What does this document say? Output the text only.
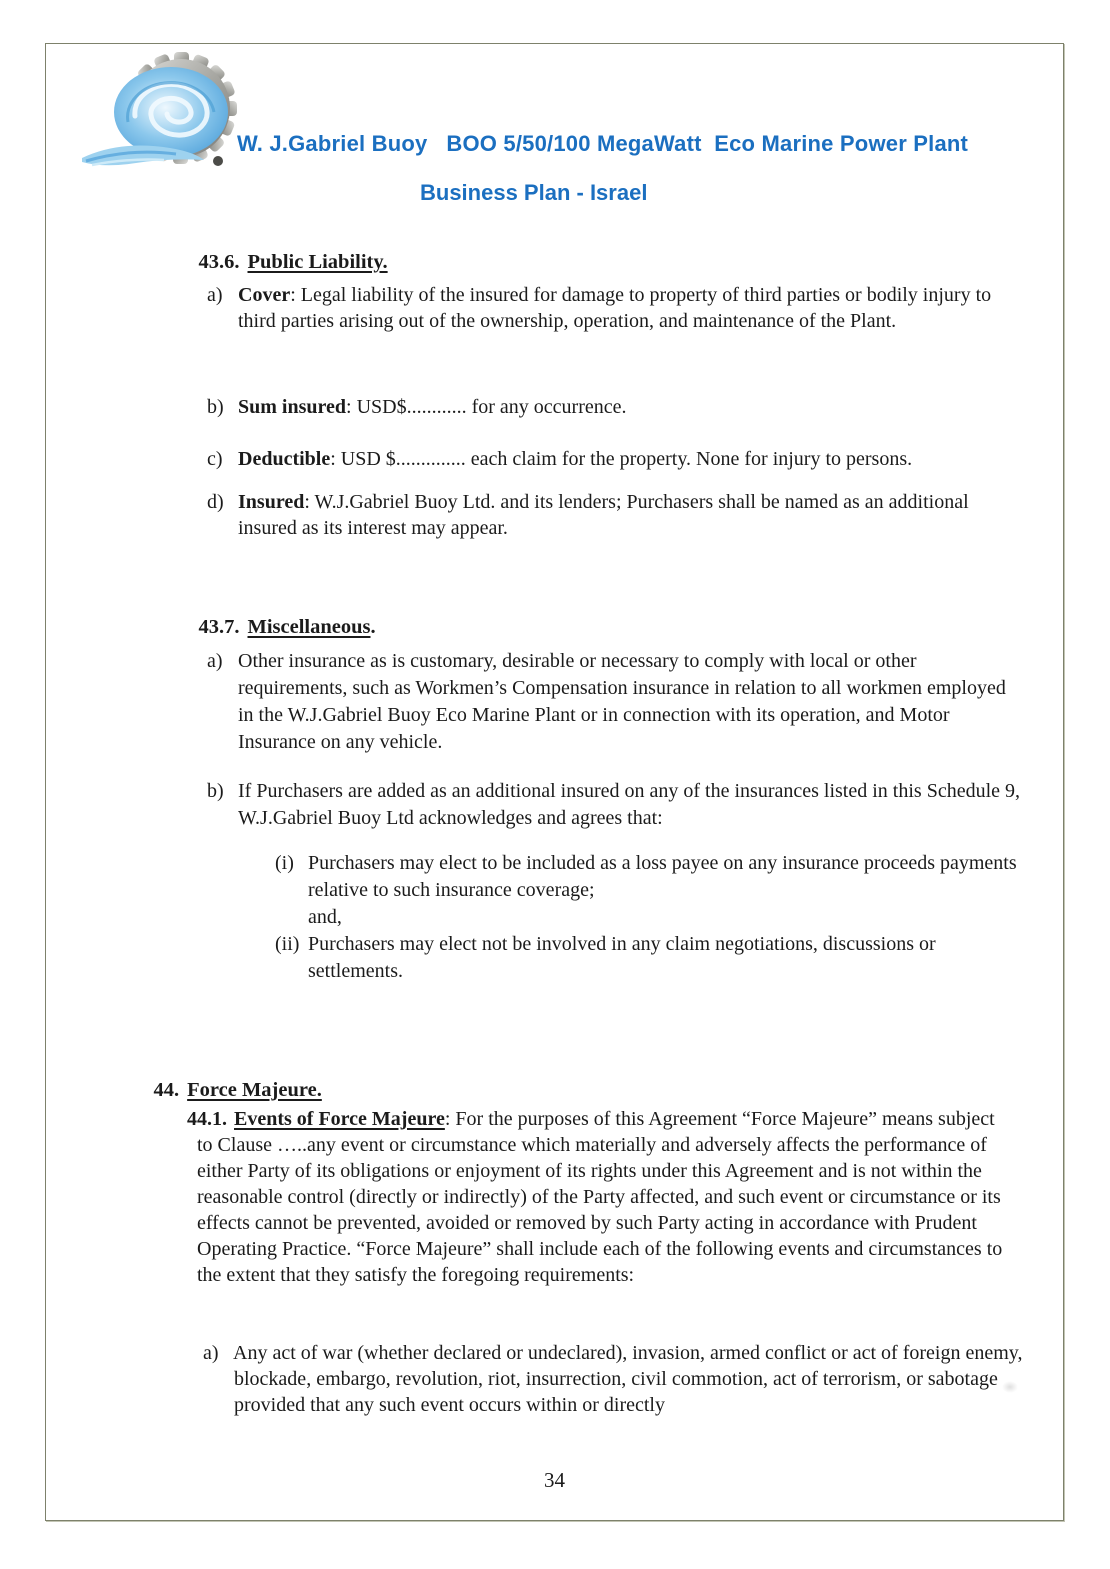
W. J.Gabriel Buoy   BOO 5/50/100 MegaWatt  Eco Marine Power Plant
Business Plan - Israel

43.6. Public Liability.

a) Cover: Legal liability of the insured for damage to property of third parties or bodily injury to third parties arising out of the ownership, operation, and maintenance of the Plant.
b) Sum insured: USD$............ for any occurrence.
c) Deductible: USD $.............. each claim for the property. None for injury to persons.
d) Insured: W.J.Gabriel Buoy Ltd. and its lenders; Purchasers shall be named as an additional insured as its interest may appear.

43.7. Miscellaneous.

a) Other insurance as is customary, desirable or necessary to comply with local or other requirements, such as Workmen’s Compensation insurance in relation to all workmen employed in the W.J.Gabriel Buoy Eco Marine Plant or in connection with its operation, and Motor Insurance on any vehicle.
b) If Purchasers are added as an additional insured on any of the insurances listed in this Schedule 9, W.J.Gabriel Buoy Ltd acknowledges and agrees that:
(i) Purchasers may elect to be included as a loss payee on any insurance proceeds payments relative to such insurance coverage;
and,
(ii) Purchasers may elect not be involved in any claim negotiations, discussions or settlements.

44. Force Majeure.

44.1. Events of Force Majeure: For the purposes of this Agreement “Force Majeure” means subject to Clause …..any event or circumstance which materially and adversely affects the performance of either Party of its obligations or enjoyment of its rights under this Agreement and is not within the reasonable control (directly or indirectly) of the Party affected, and such event or circumstance or its effects cannot be prevented, avoided or removed by such Party acting in accordance with Prudent Operating Practice. “Force Majeure” shall include each of the following events and circumstances to the extent that they satisfy the foregoing requirements:
a) Any act of war (whether declared or undeclared), invasion, armed conflict or act of foreign enemy, blockade, embargo, revolution, riot, insurrection, civil commotion, act of terrorism, or sabotage provided that any such event occurs within or directly
34
